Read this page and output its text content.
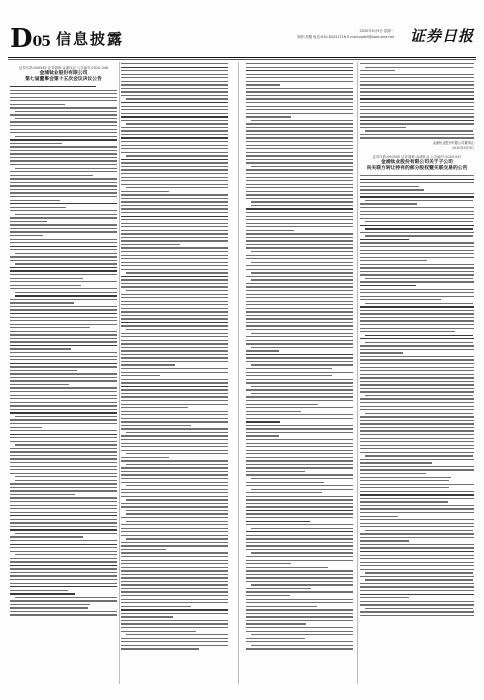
D05 信息披露	2020年5月9日 星期一
制作:苏醒 电话:010-83251716 E-mail:zqrb9@zqrb.sina.net 证券日报
证券代码:000545 证券简称:金浦钛业 公告编号:2020-046
金浦钛业股份有限公司
第七届董事会第十五次会议决议公告
金浦钛业股份有限公司董事会
2020年5月9日
证券代码:000545 证券简称:金浦钛业 公告编号:2020-047
金浦钛业股份有限公司关于子公司
向关联方转让持有的部分股权暨关联交易的公告
